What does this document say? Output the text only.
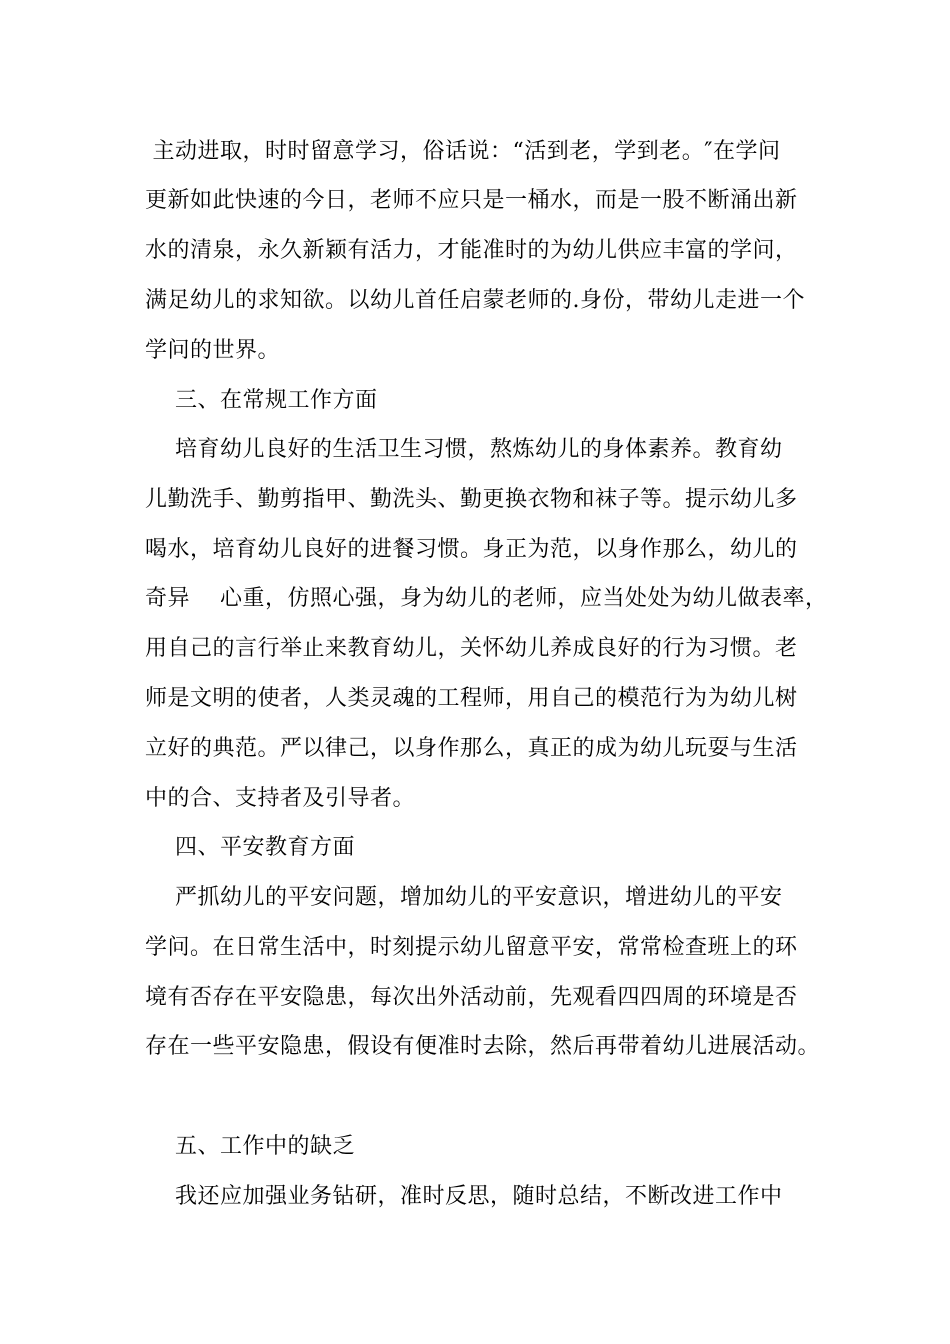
主动进取，时时留意学习，俗话说：“活到老，学到老。″在学问
更新如此快速的今日，老师不应只是一桶水，而是一股不断涌出新
水的清泉，永久新颖有活力，才能准时的为幼儿供应丰富的学问，
满足幼儿的求知欲。以幼儿首任启蒙老师的.身份，带幼儿走进一个
学问的世界。
三、在常规工作方面
培育幼儿良好的生活卫生习惯，熬炼幼儿的身体素养。教育幼
儿勤洗手、勤剪指甲、勤洗头、勤更换衣物和袜子等。提示幼儿多
喝水，培育幼儿良好的进餐习惯。身正为范，以身作那么，幼儿的
奇异    心重，仿照心强，身为幼儿的老师，应当处处为幼儿做表率，
用自己的言行举止来教育幼儿，关怀幼儿养成良好的行为习惯。老
师是文明的使者，人类灵魂的工程师，用自己的模范行为为幼儿树
立好的典范。严以律己，以身作那么，真正的成为幼儿玩耍与生活
中的合、支持者及引导者。
四、平安教育方面
严抓幼儿的平安问题，增加幼儿的平安意识，增进幼儿的平安
学问。在日常生活中，时刻提示幼儿留意平安，常常检查班上的环
境有否存在平安隐患，每次出外活动前，先观看四四周的环境是否
存在一些平安隐患，假设有便准时去除，然后再带着幼儿进展活动。
五、工作中的缺乏
我还应加强业务钻研，准时反思，随时总结，不断改进工作中
